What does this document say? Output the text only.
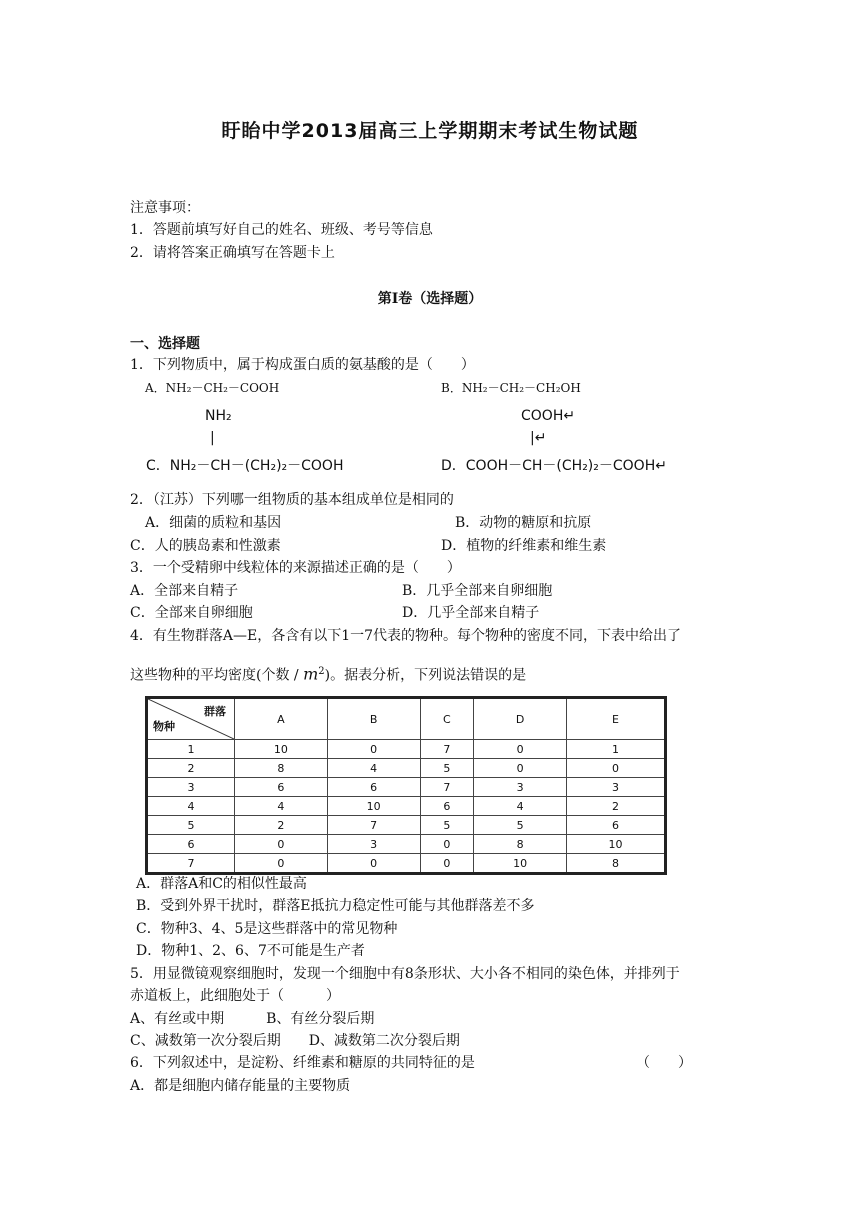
盱眙中学2013届高三上学期期末考试生物试题
注意事项：
1．答题前填写好自己的姓名、班级、考号等信息
2．请将答案正确填写在答题卡上
第I卷（选择题）
一、选择题
1．下列物质中，属于构成蛋白质的氨基酸的是（　　）
A．NH₂－CH₂－COOH	B．NH₂－CH₂－CH₂OH
NH₂
|
C．NH₂－CH－(CH₂)₂－COOH
COOH↵
|↵
D．COOH－CH－(CH₂)₂－COOH↵
2．（江苏）下列哪一组物质的基本组成单位是相同的
A．细菌的质粒和基因	B．动物的糖原和抗原
C．人的胰岛素和性激素	D．植物的纤维素和维生素
3．一个受精卵中线粒体的来源描述正确的是（　　）
A．全部来自精子	B．几乎全部来自卵细胞
C．全部来自卵细胞	D．几乎全部来自精子
4．有生物群落A—E，各含有以下1一7代表的物种。每个物种的密度不同，下表中给出了
这些物种的平均密度(个数 / $m^2$)。据表分析，下列说法错误的是
群落
物种	A	B	C	D	E
1	10	0	7	0	1
2	8	4	5	0	0
3	6	6	7	3	3
4	4	10	6	4	2
5	2	7	5	5	6
6	0	3	0	8	10
7	0	0	0	10	8
A．群落A和C的相似性最高
B．受到外界干扰时，群落E抵抗力稳定性可能与其他群落差不多
C．物种3、4、5是这些群落中的常见物种
D．物种1、2、6、7不可能是生产者
5．用显微镜观察细胞时，发现一个细胞中有8条形状、大小各不相同的染色体，并排列于
赤道板上，此细胞处于（　　　）
A、有丝或中期　　　B、有丝分裂后期
C、减数第一次分裂后期　　D、减数第二次分裂后期
6．下列叙述中，是淀粉、纤维素和糖原的共同特征的是	（　　）
A．都是细胞内储存能量的主要物质
